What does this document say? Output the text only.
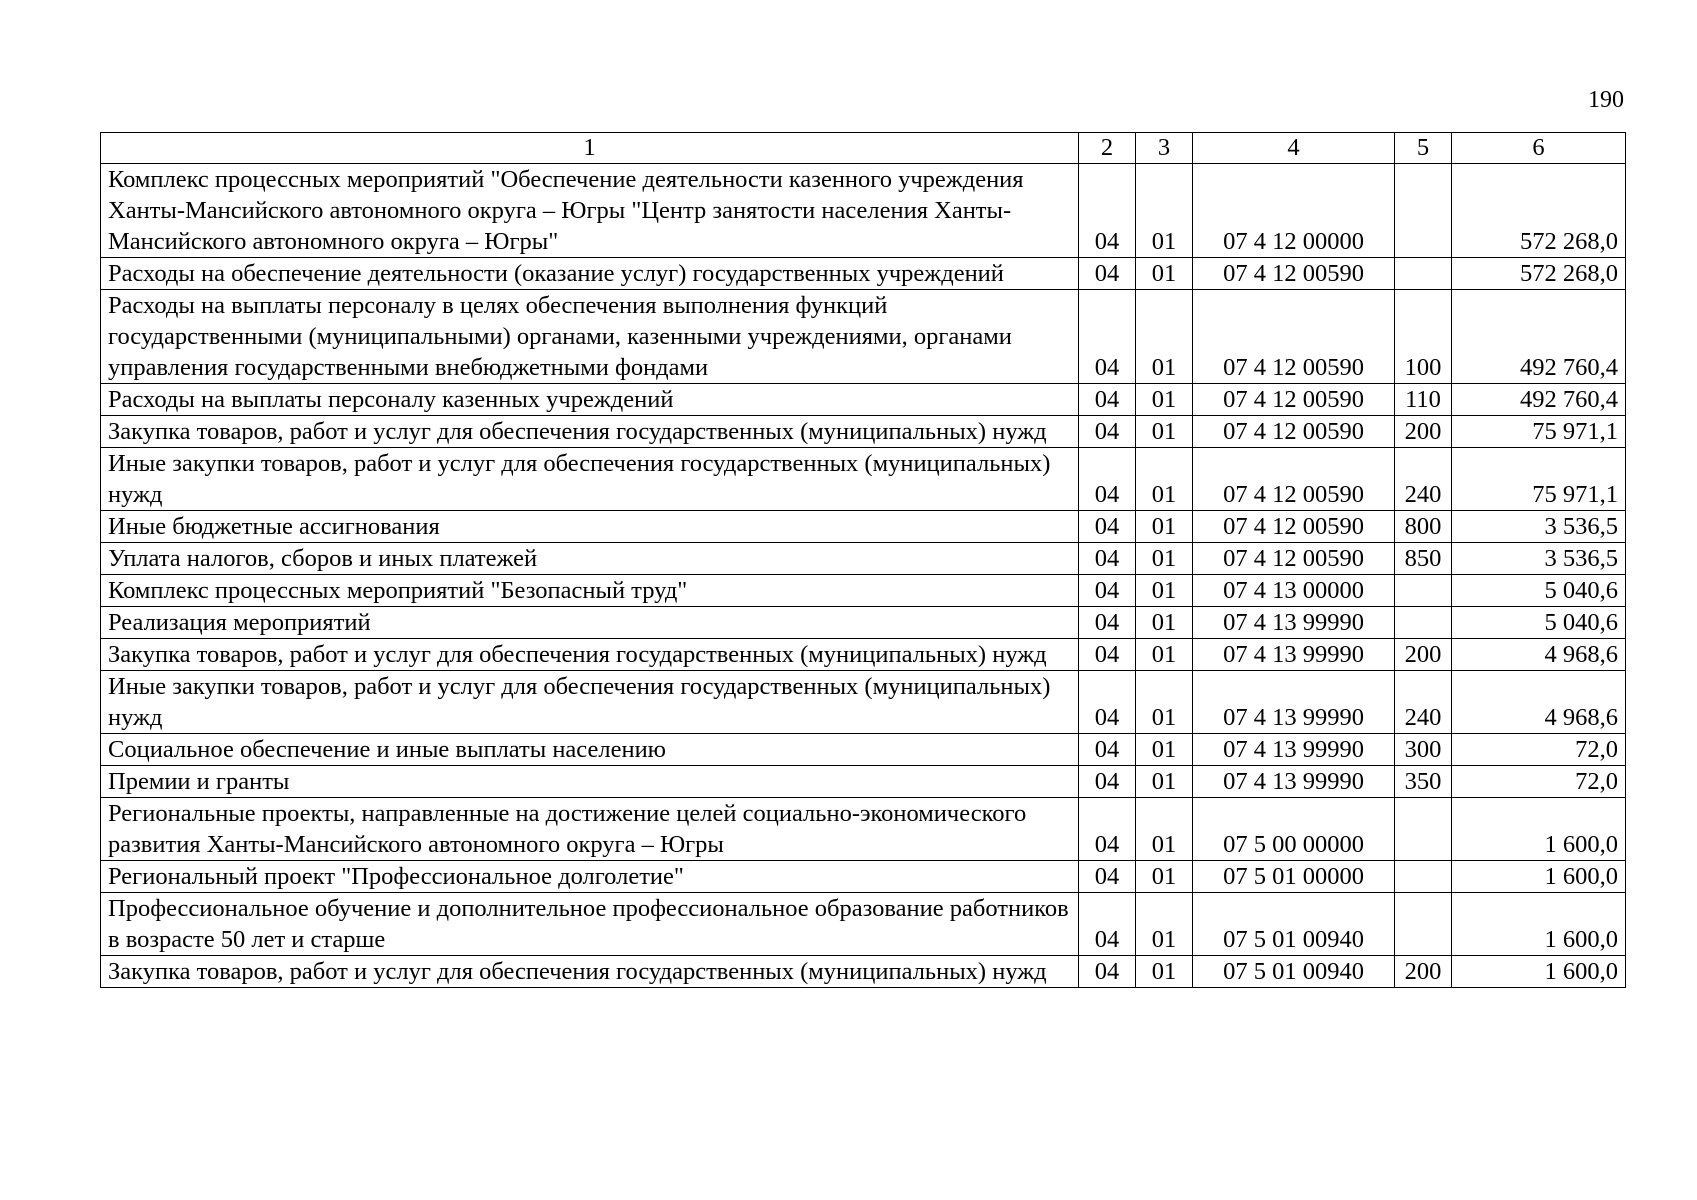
190
1	2	3	4	5	6
Комплекс процессных мероприятий "Обеспечение деятельности казенного учреждения Ханты-Мансийского автономного округа – Югры "Центр занятости населения Ханты-Мансийского автономного округа – Югры"	04	01	07 4 12 00000		572 268,0
Расходы на обеспечение деятельности (оказание услуг) государственных учреждений	04	01	07 4 12 00590		572 268,0
Расходы на выплаты персоналу в целях обеспечения выполнения функций государственными (муниципальными) органами, казенными учреждениями, органами управления государственными внебюджетными фондами	04	01	07 4 12 00590	100	492 760,4
Расходы на выплаты персоналу казенных учреждений	04	01	07 4 12 00590	110	492 760,4
Закупка товаров, работ и услуг для обеспечения государственных (муниципальных) нужд	04	01	07 4 12 00590	200	75 971,1
Иные закупки товаров, работ и услуг для обеспечения государственных (муниципальных) нужд	04	01	07 4 12 00590	240	75 971,1
Иные бюджетные ассигнования	04	01	07 4 12 00590	800	3 536,5
Уплата налогов, сборов и иных платежей	04	01	07 4 12 00590	850	3 536,5
Комплекс процессных мероприятий "Безопасный труд"	04	01	07 4 13 00000		5 040,6
Реализация мероприятий	04	01	07 4 13 99990		5 040,6
Закупка товаров, работ и услуг для обеспечения государственных (муниципальных) нужд	04	01	07 4 13 99990	200	4 968,6
Иные закупки товаров, работ и услуг для обеспечения государственных (муниципальных) нужд	04	01	07 4 13 99990	240	4 968,6
Социальное обеспечение и иные выплаты населению	04	01	07 4 13 99990	300	72,0
Премии и гранты	04	01	07 4 13 99990	350	72,0
Региональные проекты, направленные на достижение целей социально-экономического развития Ханты-Мансийского автономного округа – Югры	04	01	07 5 00 00000		1 600,0
Региональный проект "Профессиональное долголетие"	04	01	07 5 01 00000		1 600,0
Профессиональное обучение и дополнительное профессиональное образование работников в возрасте 50 лет и старше	04	01	07 5 01 00940		1 600,0
Закупка товаров, работ и услуг для обеспечения государственных (муниципальных) нужд	04	01	07 5 01 00940	200	1 600,0
